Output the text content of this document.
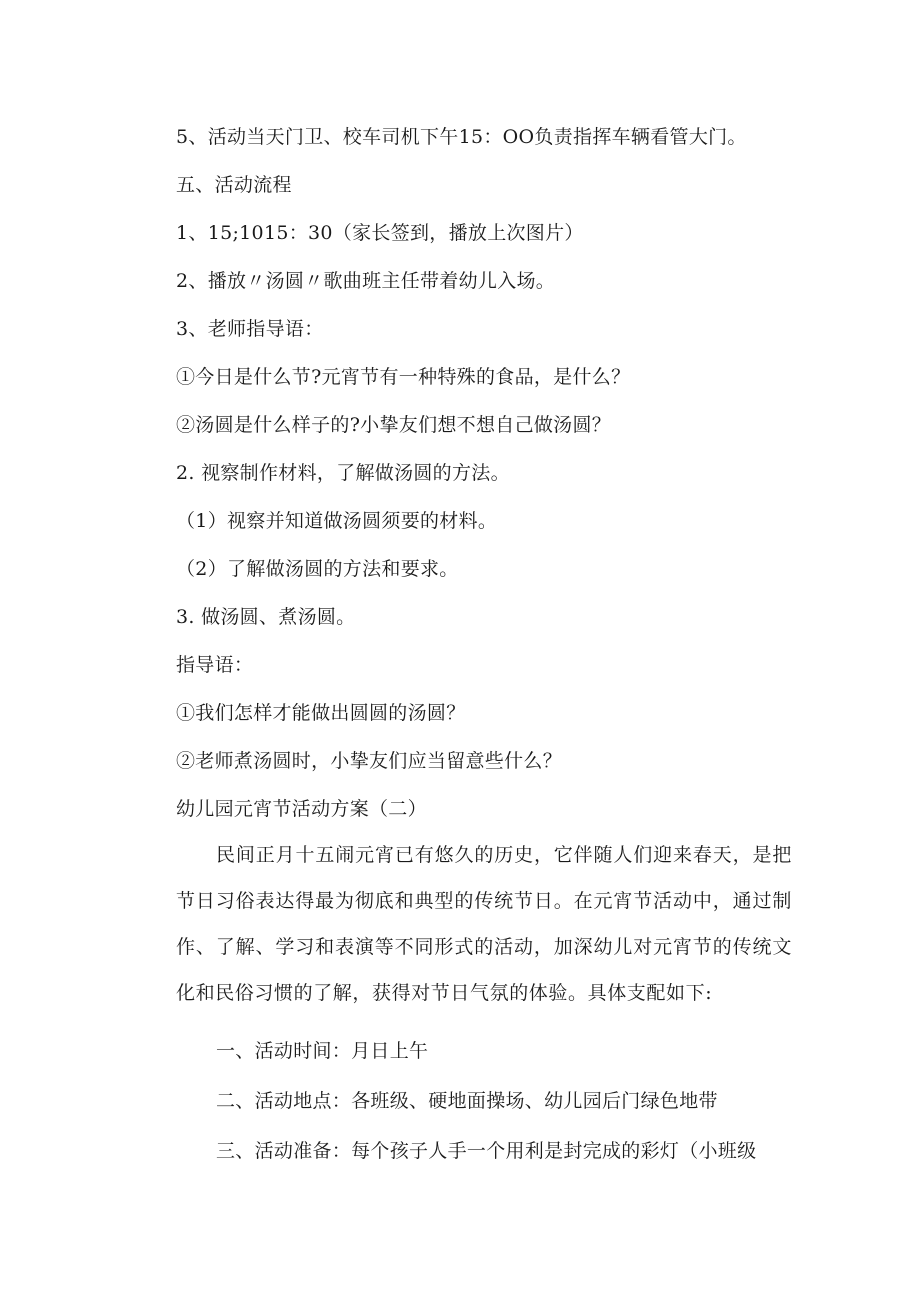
5、活动当天门卫、校车司机下午15：OO负责指挥车辆看管大门。
五、活动流程
1、15;1015：30（家长签到，播放上次图片）
2、播放〃汤圆〃歌曲班主任带着幼儿入场。
3、老师指导语：
①今日是什么节?元宵节有一种特殊的食品，是什么？
②汤圆是什么样子的?小挚友们想不想自己做汤圆？
2. 视察制作材料，了解做汤圆的方法。
（1）视察并知道做汤圆须要的材料。
（2）了解做汤圆的方法和要求。
3. 做汤圆、煮汤圆。
指导语：
①我们怎样才能做出圆圆的汤圆？
②老师煮汤圆时，小挚友们应当留意些什么？
幼儿园元宵节活动方案（二）
民间正月十五闹元宵已有悠久的历史，它伴随人们迎来春天，是把节日习俗表达得最为彻底和典型的传统节日。在元宵节活动中，通过制作、了解、学习和表演等不同形式的活动，加深幼儿对元宵节的传统文化和民俗习惯的了解，获得对节日气氛的体验。具体支配如下:
一、活动时间：月日上午
二、活动地点：各班级、硬地面操场、幼儿园后门绿色地带
三、活动准备：每个孩子人手一个用利是封完成的彩灯（小班级
